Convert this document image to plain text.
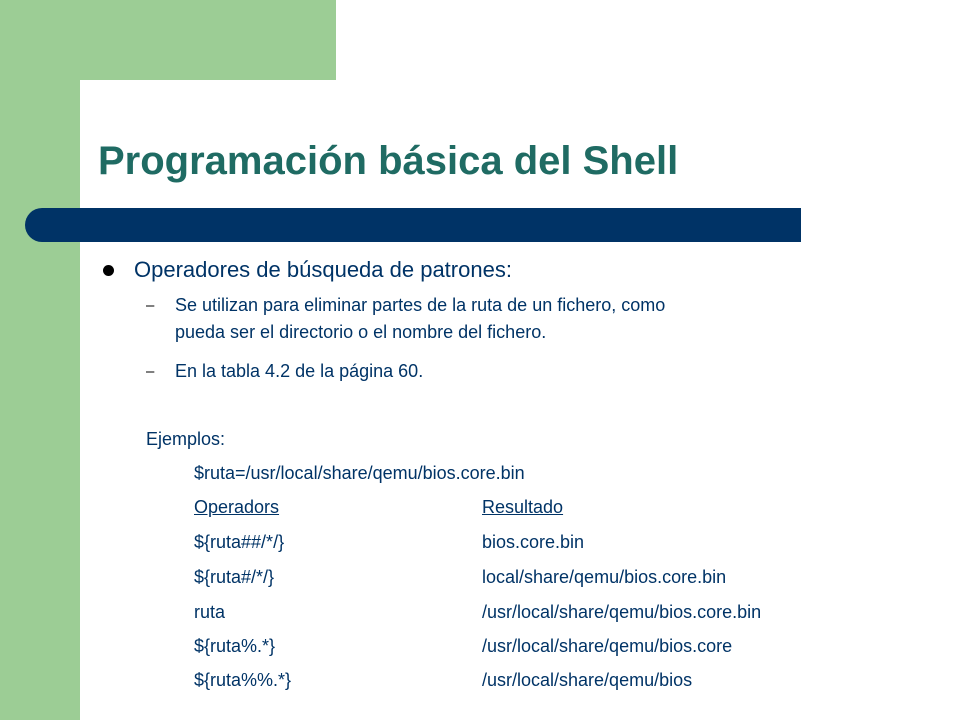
Programación básica del Shell
Operadores de búsqueda de patrones:
– Se utilizan para eliminar partes de la ruta de un fichero, como
pueda ser el directorio o el nombre del fichero.
– En la tabla 4.2 de la página 60.
Ejemplos:
$ruta=/usr/local/share/qemu/bios.core.bin
Operadors	Resultado
${ruta##/*/}	bios.core.bin
${ruta#/*/}	local/share/qemu/bios.core.bin
ruta	/usr/local/share/qemu/bios.core.bin
${ruta%.*}	/usr/local/share/qemu/bios.core
${ruta%%.*}	/usr/local/share/qemu/bios
